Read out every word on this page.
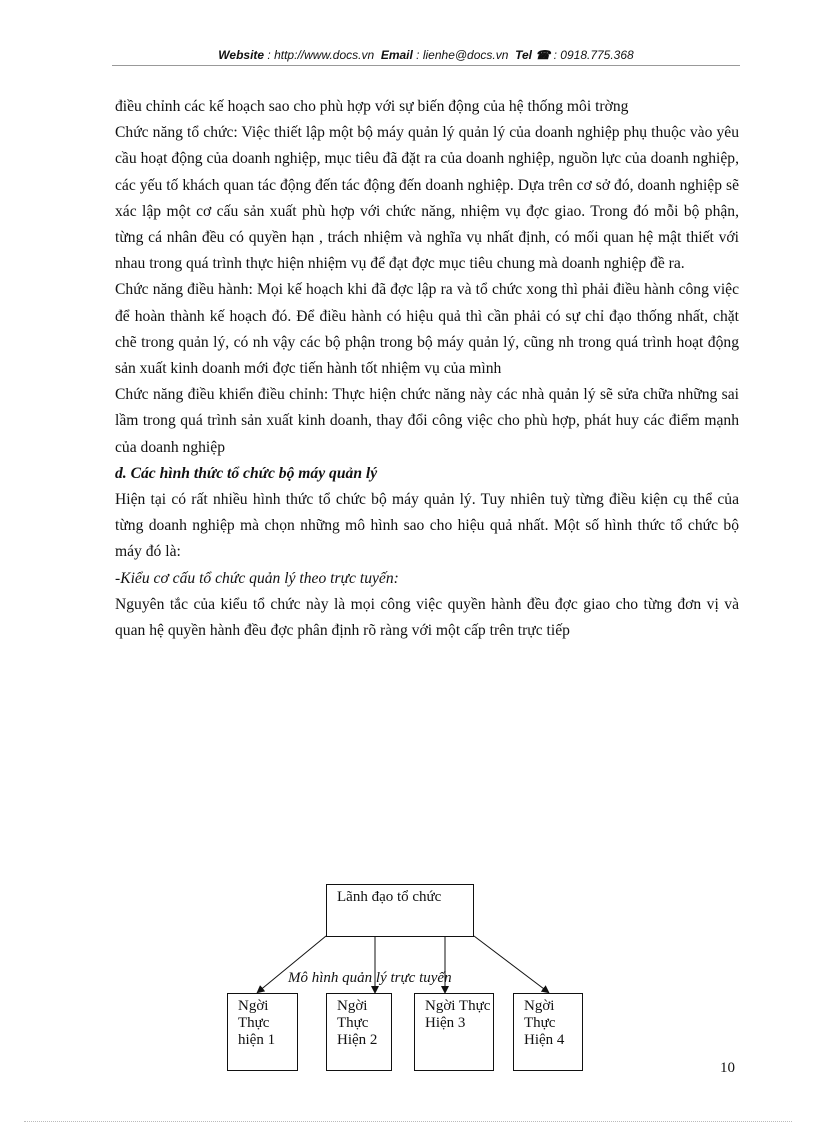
Website : http://www.docs.vn Email : lienhe@docs.vn Tel ☎ : 0918.775.368

điều chỉnh các kế hoạch sao cho phù hợp với sự biến động của hệ thống môi trờng

Chức năng tổ chức: Việc thiết lập một bộ máy quản lý quản lý của doanh nghiệp phụ thuộc vào yêu cầu hoạt động của doanh nghiệp, mục tiêu đã đặt ra của doanh nghiệp, nguồn lực của doanh nghiệp, các yếu tố khách quan tác động đến tác động đến doanh nghiệp. Dựa trên cơ sở đó, doanh nghiệp sẽ xác lập một cơ cấu sản xuất phù hợp với chức năng, nhiệm vụ đợc giao. Trong đó mỗi bộ phận, từng cá nhân đều có quyền hạn , trách nhiệm và nghĩa vụ nhất định, có mối quan hệ mật thiết với nhau trong quá trình thực hiện nhiệm vụ để đạt đợc mục tiêu chung mà doanh nghiệp đề ra.

Chức năng điều hành: Mọi kế hoạch khi đã đợc lập ra và tổ chức xong thì phải điều hành công việc để hoàn thành kế hoạch đó. Để điều hành có hiệu quả thì cần phải có sự chỉ đạo thống nhất, chặt chẽ trong quản lý, có nh vậy các bộ phận trong bộ máy quản lý, cũng nh trong quá trình hoạt động sản xuất kinh doanh mới đợc tiến hành tốt nhiệm vụ của mình

Chức năng điều khiển điều chỉnh: Thực hiện chức năng này các nhà quản lý sẽ sửa chữa những sai lầm trong quá trình sản xuất kinh doanh, thay đổi công việc cho phù hợp, phát huy các điểm mạnh của doanh nghiệp

d. Các hình thức tổ chức bộ máy quản lý

Hiện tại có rất nhiều hình thức tổ chức bộ máy quản lý. Tuy nhiên tuỳ từng điều kiện cụ thể của từng doanh nghiệp mà chọn những mô hình sao cho hiệu quả nhất. Một số hình thức tổ chức bộ máy đó là:

-Kiểu cơ cấu tổ chức quản lý theo trực tuyến:

Nguyên tắc của kiểu tổ chức này là mọi công việc quyền hành đều đợc giao cho từng đơn vị và quan hệ quyền hành đều đợc phân định rõ ràng với một cấp trên trực tiếp

Lãnh đạo tổ chức
Mô hình quản lý trực tuyến
Ngời Thực hiện 1
Ngời Thực Hiện 2
Ngời Thực Hiện 3
Ngời Thực Hiện 4
10
